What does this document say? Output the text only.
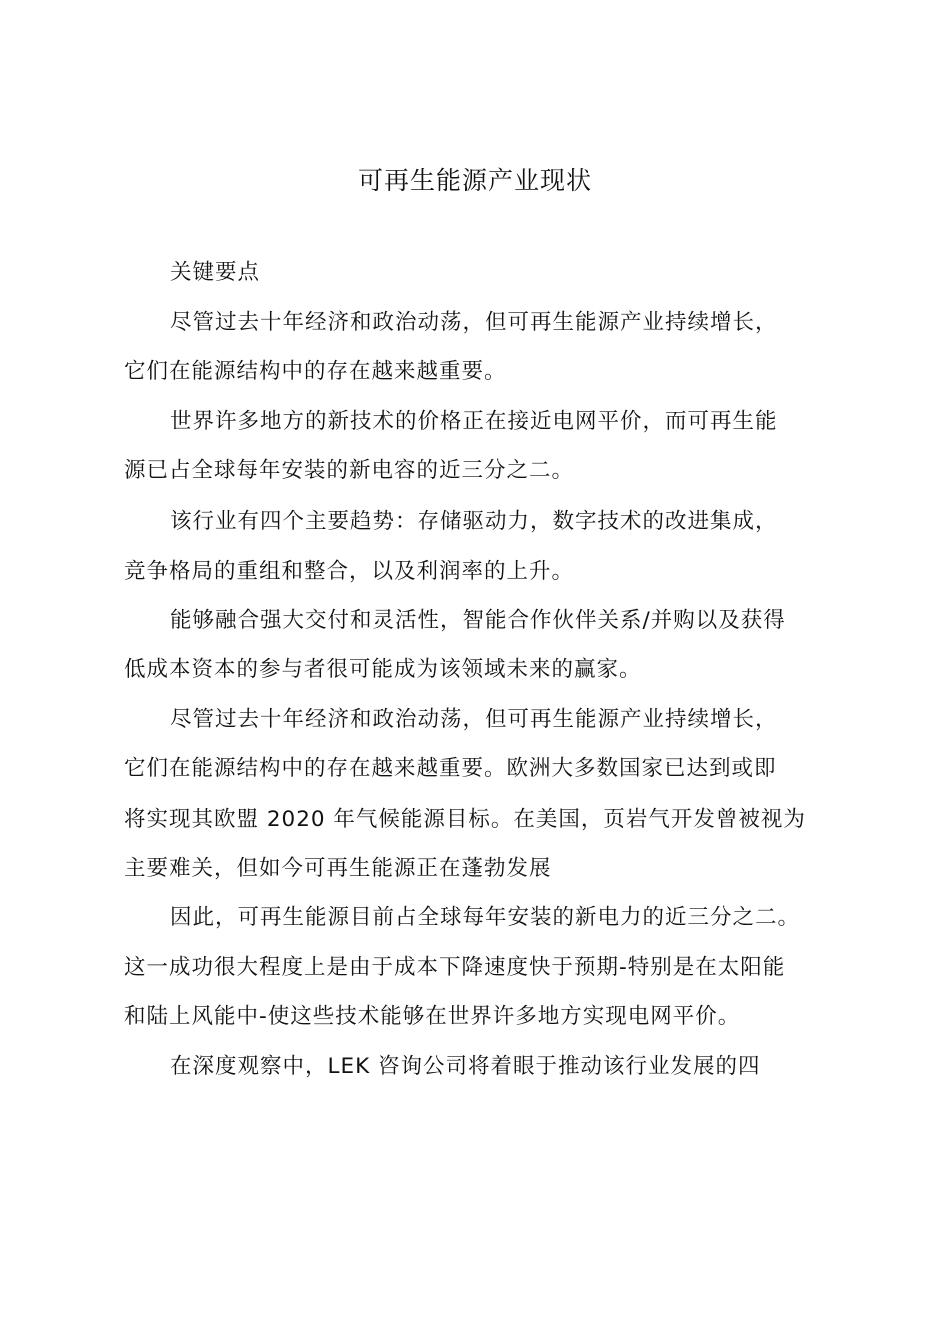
可再生能源产业现状
关键要点
尽管过去十年经济和政治动荡，但可再生能源产业持续增长，
它们在能源结构中的存在越来越重要。
世界许多地方的新技术的价格正在接近电网平价，而可再生能
源已占全球每年安装的新电容的近三分之二。
该行业有四个主要趋势：存储驱动力，数字技术的改进集成，
竞争格局的重组和整合，以及利润率的上升。
能够融合强大交付和灵活性，智能合作伙伴关系/并购以及获得
低成本资本的参与者很可能成为该领域未来的赢家。
尽管过去十年经济和政治动荡，但可再生能源产业持续增长，
它们在能源结构中的存在越来越重要。欧洲大多数国家已达到或即
将实现其欧盟 2020 年气候能源目标。在美国，页岩气开发曾被视为
主要难关，但如今可再生能源正在蓬勃发展
因此，可再生能源目前占全球每年安装的新电力的近三分之二。
这一成功很大程度上是由于成本下降速度快于预期-特别是在太阳能
和陆上风能中-使这些技术能够在世界许多地方实现电网平价。
在深度观察中，LEK 咨询公司将着眼于推动该行业发展的四
